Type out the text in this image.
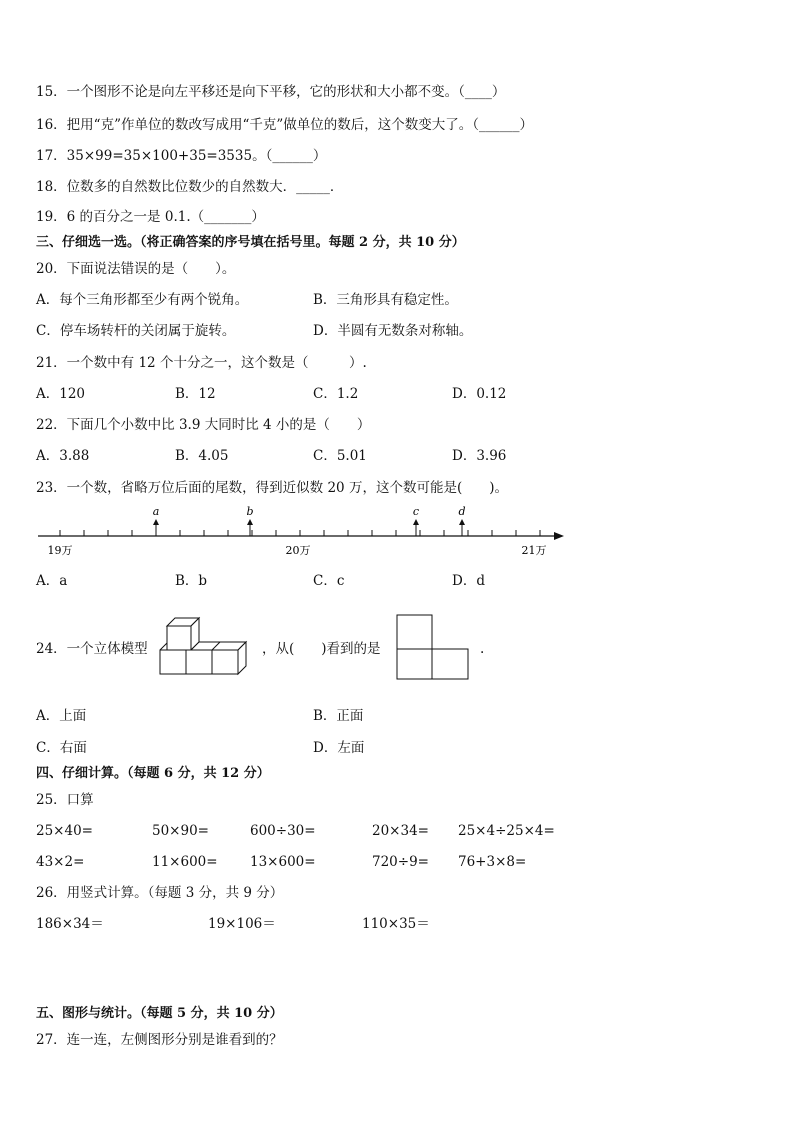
15．一个图形不论是向左平移还是向下平移，它的形状和大小都不变。（____）
16．把用“克”作单位的数改写成用“千克”做单位的数后，这个数变大了。（______）
17．35×99=35×100+35=3535。（______）
18．位数多的自然数比位数少的自然数大．_____．
19．6 的百分之一是 0.1.（_______）
三、仔细选一选。（将正确答案的序号填在括号里。每题 2 分，共 10 分）
20．下面说法错误的是（　　）。
A．每个三角形都至少有两个锐角。	B．三角形具有稳定性。
C．停车场转杆的关闭属于旋转。	D．半圆有无数条对称轴。
21．一个数中有 12 个十分之一，这个数是（　　　）.
A．120	B．12	C．1.2	D．0.12
22．下面几个小数中比 3.9 大同时比 4 小的是（　　）
A．3.88	B．4.05	C．5.01	D．3.96
23．一个数，省略万位后面的尾数，得到近似数 20 万，这个数可能是(　　)。
a	b	c	d
19万	20万	21万
A．a	B．b	C．c	D．d
24．一个立体模型	，从(　　)看到的是	.
A．上面	B．正面
C．右面	D．左面
四、仔细计算。（每题 6 分，共 12 分）
25．口算
25×40=	50×90=	600÷30=	20×34= 25×4÷25×4=
43×2=	11×600= 13×600=	720÷9= 76+3×8=
26．用竖式计算。（每题 3 分，共 9 分）
186×34＝	19×106＝	110×35＝
五、图形与统计。（每题 5 分，共 10 分）
27．连一连，左侧图形分别是谁看到的？
